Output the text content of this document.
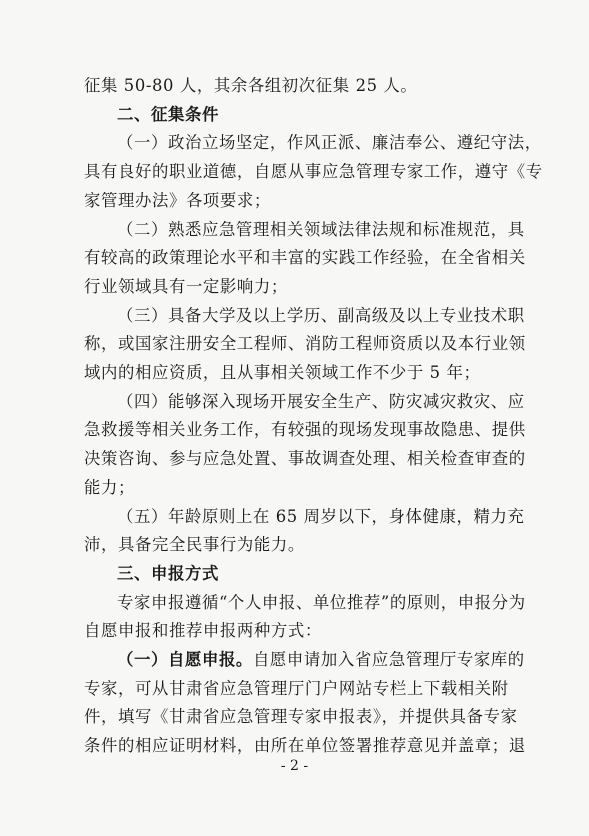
征集 50-80 人，其余各组初次征集 25 人。
二、征集条件
（一）政治立场坚定，作风正派、廉洁奉公、遵纪守法，
具有良好的职业道德，自愿从事应急管理专家工作，遵守《专
家管理办法》各项要求；
（二）熟悉应急管理相关领域法律法规和标准规范，具
有较高的政策理论水平和丰富的实践工作经验，在全省相关
行业领域具有一定影响力；
（三）具备大学及以上学历、副高级及以上专业技术职
称，或国家注册安全工程师、消防工程师资质以及本行业领
域内的相应资质，且从事相关领域工作不少于 5 年；
（四）能够深入现场开展安全生产、防灾减灾救灾、应
急救援等相关业务工作，有较强的现场发现事故隐患、提供
决策咨询、参与应急处置、事故调查处理、相关检查审查的
能力；
（五）年龄原则上在 65 周岁以下，身体健康，精力充
沛，具备完全民事行为能力。
三、申报方式
专家申报遵循“个人申报、单位推荐”的原则，申报分为
自愿申报和推荐申报两种方式：
（一）自愿申报。自愿申请加入省应急管理厅专家库的
专家，可从甘肃省应急管理厅门户网站专栏上下载相关附
件，填写《甘肃省应急管理专家申报表》，并提供具备专家
条件的相应证明材料，由所在单位签署推荐意见并盖章；退
- 2 -
